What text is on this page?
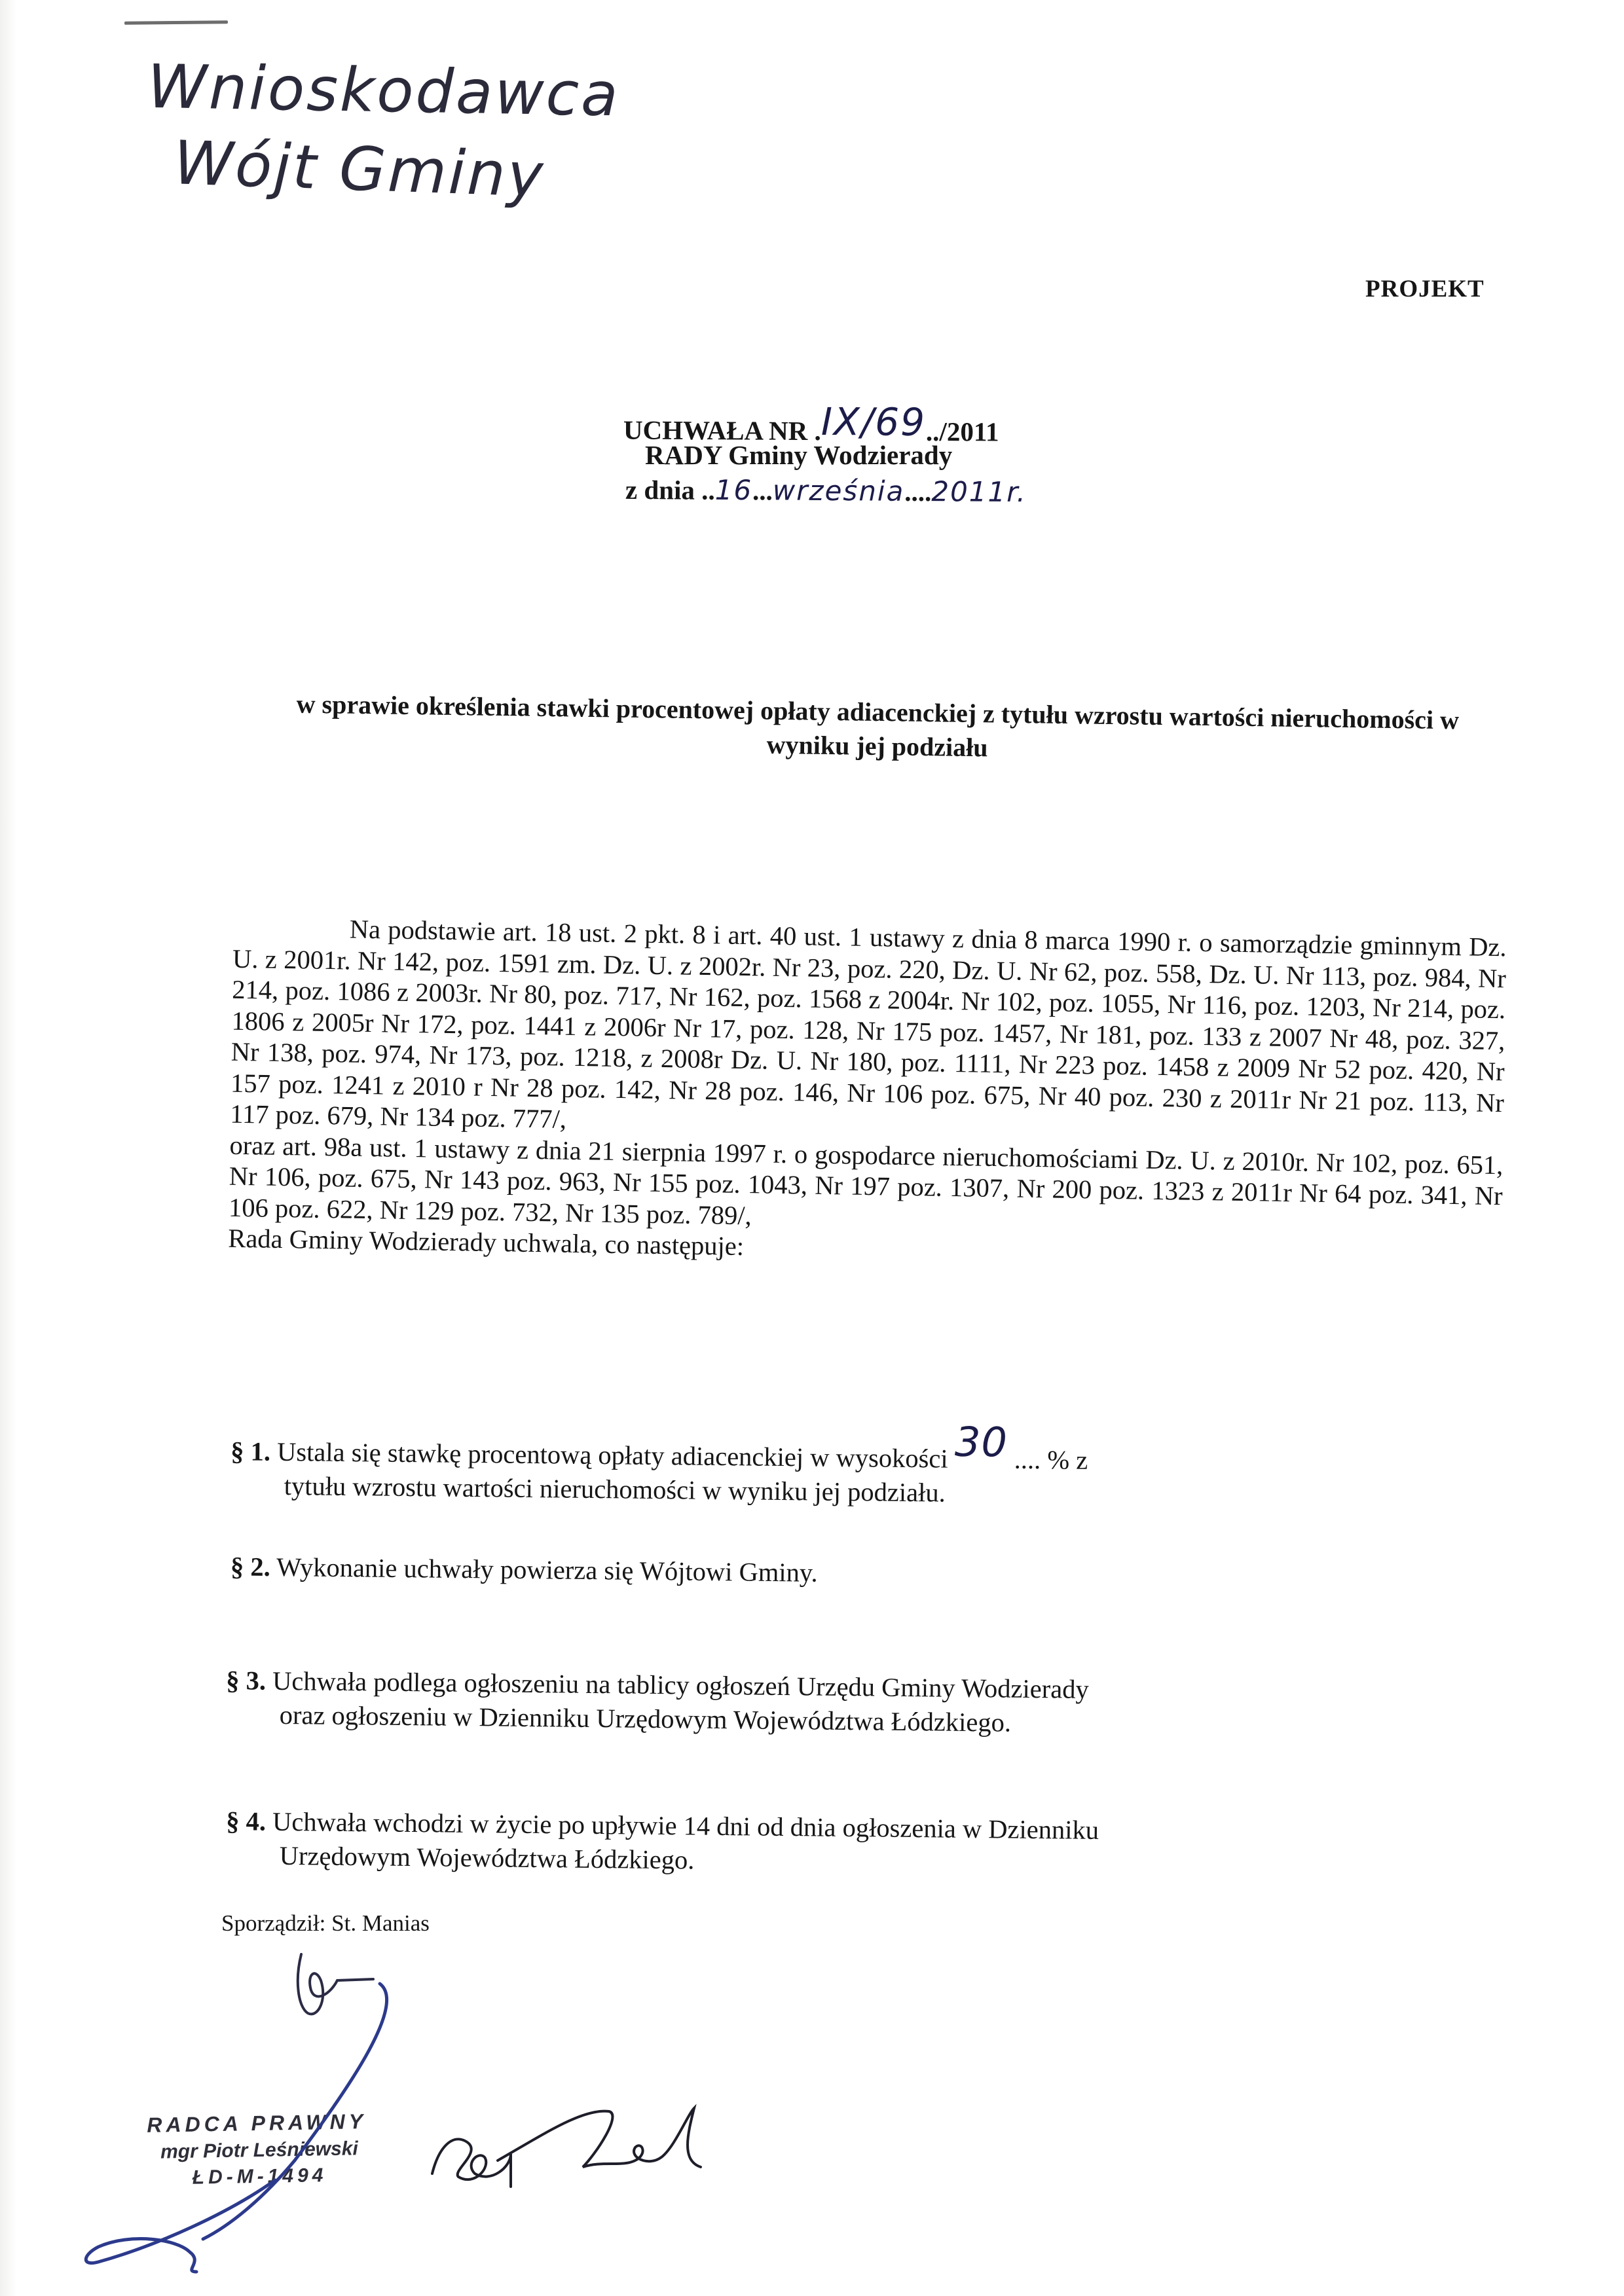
Wnioskodawca
Wójt Gminy
PROJEKT
UCHWAŁA NR .IX/69../2011
RADY Gminy Wodzierady
z dnia ..16...września....2011r.
w sprawie określenia stawki procentowej opłaty adiacenckiej z tytułu wzrostu wartości nieruchomości w wyniku jej podziału

Na podstawie art. 18 ust. 2 pkt. 8 i art. 40 ust. 1 ustawy z dnia 8 marca 1990 r. o samorządzie gminnym Dz. U. z 2001r. Nr 142, poz. 1591 zm. Dz. U. z 2002r. Nr 23, poz. 220, Dz. U. Nr 62, poz. 558, Dz. U. Nr 113, poz. 984, Nr 214, poz. 1086 z 2003r. Nr 80, poz. 717, Nr 162, poz. 1568 z 2004r. Nr 102, poz. 1055, Nr 116, poz. 1203, Nr 214, poz. 1806 z 2005r Nr 172, poz. 1441 z 2006r Nr 17, poz. 128, Nr 175 poz. 1457, Nr 181, poz. 133 z 2007 Nr 48, poz. 327, Nr 138, poz. 974, Nr 173, poz. 1218, z 2008r Dz. U. Nr 180, poz. 1111, Nr 223 poz. 1458 z 2009 Nr 52 poz. 420, Nr 157 poz. 1241 z 2010 r Nr 28 poz. 142, Nr 28 poz. 146, Nr 106 poz. 675, Nr 40 poz. 230 z 2011r Nr 21 poz. 113, Nr 117 poz. 679, Nr 134 poz. 777/,

oraz art. 98a ust. 1 ustawy z dnia 21 sierpnia 1997 r. o gospodarce nieruchomościami Dz. U. z 2010r. Nr 102, poz. 651, Nr 106, poz. 675, Nr 143 poz. 963, Nr 155 poz. 1043, Nr 197 poz. 1307, Nr 200 poz. 1323 z 2011r Nr 64 poz. 341, Nr 106 poz. 622, Nr 129 poz. 732, Nr 135 poz. 789/,

Rada Gminy Wodzierady uchwala, co następuje:

§ 1. Ustala się stawkę procentową opłaty adiacenckiej w wysokości 30 .... % z
tytułu wzrostu wartości nieruchomości w wyniku jej podziału.
§ 2. Wykonanie uchwały powierza się Wójtowi Gminy.
§ 3. Uchwała podlega ogłoszeniu na tablicy ogłoszeń Urzędu Gminy Wodzierady
oraz ogłoszeniu w Dzienniku Urzędowym Województwa Łódzkiego.
§ 4. Uchwała wchodzi w życie po upływie 14 dni od dnia ogłoszenia w Dzienniku
Urzędowym Województwa Łódzkiego.
Sporządził: St. Manias
RADCA PRAWNY
mgr Piotr Leśniewski
ŁD-M-1494
